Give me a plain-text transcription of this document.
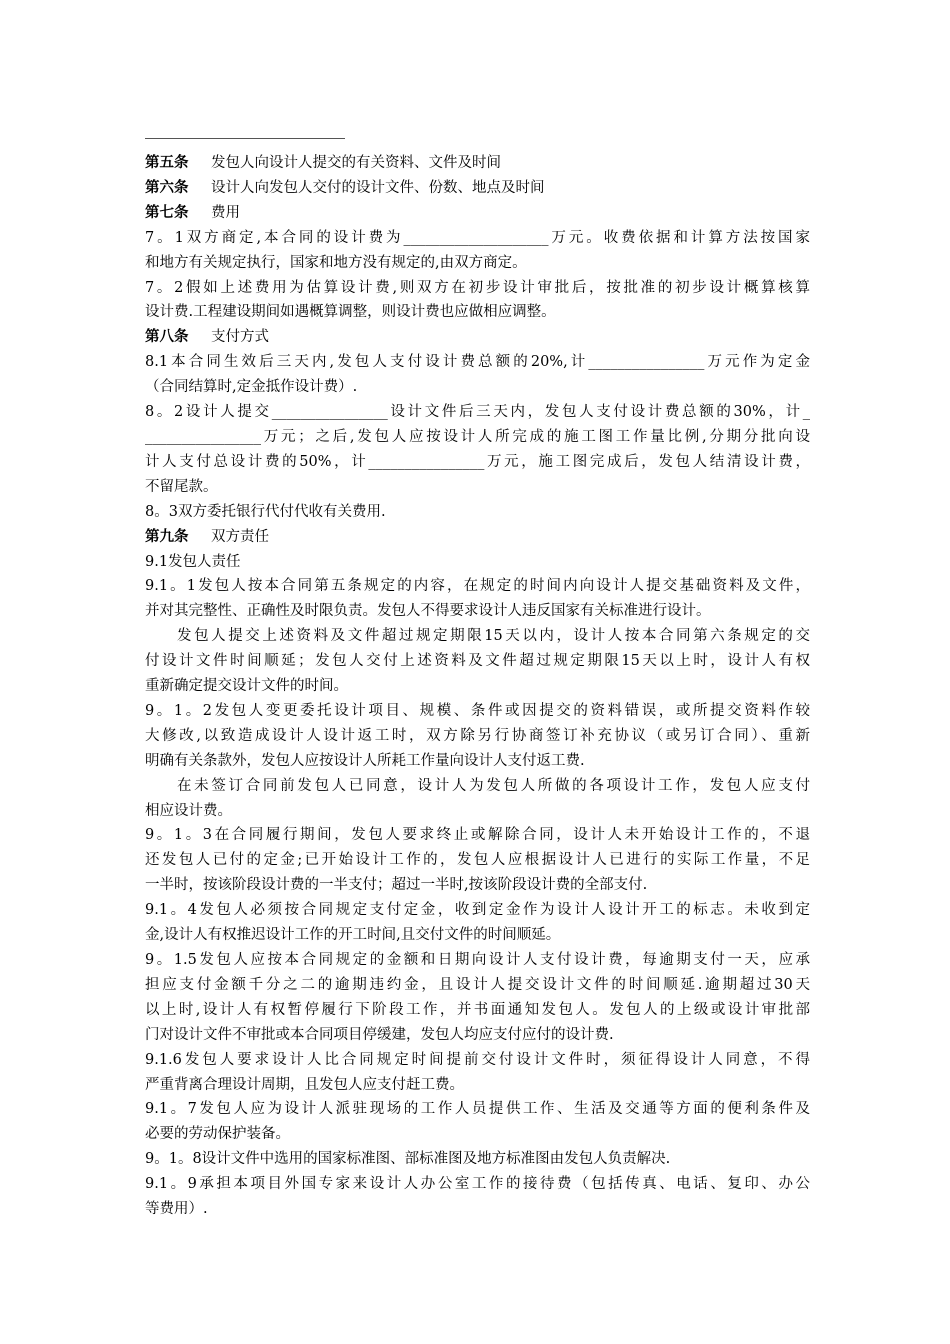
第五条 发包人向设计人提交的有关资料、文件及时间
第六条 设计人向发包人交付的设计文件、份数、地点及时间
第七条 费用
7。1双方商定,本合同的设计费为____________________万元。收费依据和计算方法按国家
和地方有关规定执行，国家和地方没有规定的,由双方商定。
7。2假如上述费用为估算设计费,则双方在初步设计审批后，按批准的初步设计概算核算
设计费.工程建设期间如遇概算调整，则设计费也应做相应调整。
第八条 支付方式
8.1本合同生效后三天内,发包人支付设计费总额的20%,计________________万元作为定金
（合同结算时,定金抵作设计费）.
8。2设计人提交________________设计文件后三天内，发包人支付设计费总额的30%，计_
________________万元；之后,发包人应按设计人所完成的施工图工作量比例,分期分批向设
计人支付总设计费的50%，计________________万元，施工图完成后，发包人结清设计费，
不留尾款。
8。3双方委托银行代付代收有关费用.
第九条 双方责任
9.1发包人责任
9.1。1发包人按本合同第五条规定的内容，在规定的时间内向设计人提交基础资料及文件，
并对其完整性、正确性及时限负责。发包人不得要求设计人违反国家有关标准进行设计。
发包人提交上述资料及文件超过规定期限15天以内，设计人按本合同第六条规定的交
付设计文件时间顺延；发包人交付上述资料及文件超过规定期限15天以上时，设计人有权
重新确定提交设计文件的时间。
9。1。2发包人变更委托设计项目、规模、条件或因提交的资料错误，或所提交资料作较
大修改,以致造成设计人设计返工时，双方除另行协商签订补充协议（或另订合同）、重新
明确有关条款外，发包人应按设计人所耗工作量向设计人支付返工费.
在未签订合同前发包人已同意，设计人为发包人所做的各项设计工作，发包人应支付
相应设计费。
9。1。3在合同履行期间，发包人要求终止或解除合同，设计人未开始设计工作的，不退
还发包人已付的定金;已开始设计工作的，发包人应根据设计人已进行的实际工作量，不足
一半时，按该阶段设计费的一半支付；超过一半时,按该阶段设计费的全部支付.
9.1。4发包人必须按合同规定支付定金，收到定金作为设计人设计开工的标志。未收到定
金,设计人有权推迟设计工作的开工时间,且交付文件的时间顺延。
9。1.5发包人应按本合同规定的金额和日期向设计人支付设计费，每逾期支付一天，应承
担应支付金额千分之二的逾期违约金，且设计人提交设计文件的时间顺延.逾期超过30天
以上时,设计人有权暂停履行下阶段工作，并书面通知发包人。发包人的上级或设计审批部
门对设计文件不审批或本合同项目停缓建，发包人均应支付应付的设计费.
9.1.6发包人要求设计人比合同规定时间提前交付设计文件时，须征得设计人同意，不得
严重背离合理设计周期，且发包人应支付赶工费。
9.1。7发包人应为设计人派驻现场的工作人员提供工作、生活及交通等方面的便利条件及
必要的劳动保护装备。
9。1。8设计文件中选用的国家标准图、部标准图及地方标准图由发包人负责解决.
9.1。9承担本项目外国专家来设计人办公室工作的接待费（包括传真、电话、复印、办公
等费用）.
